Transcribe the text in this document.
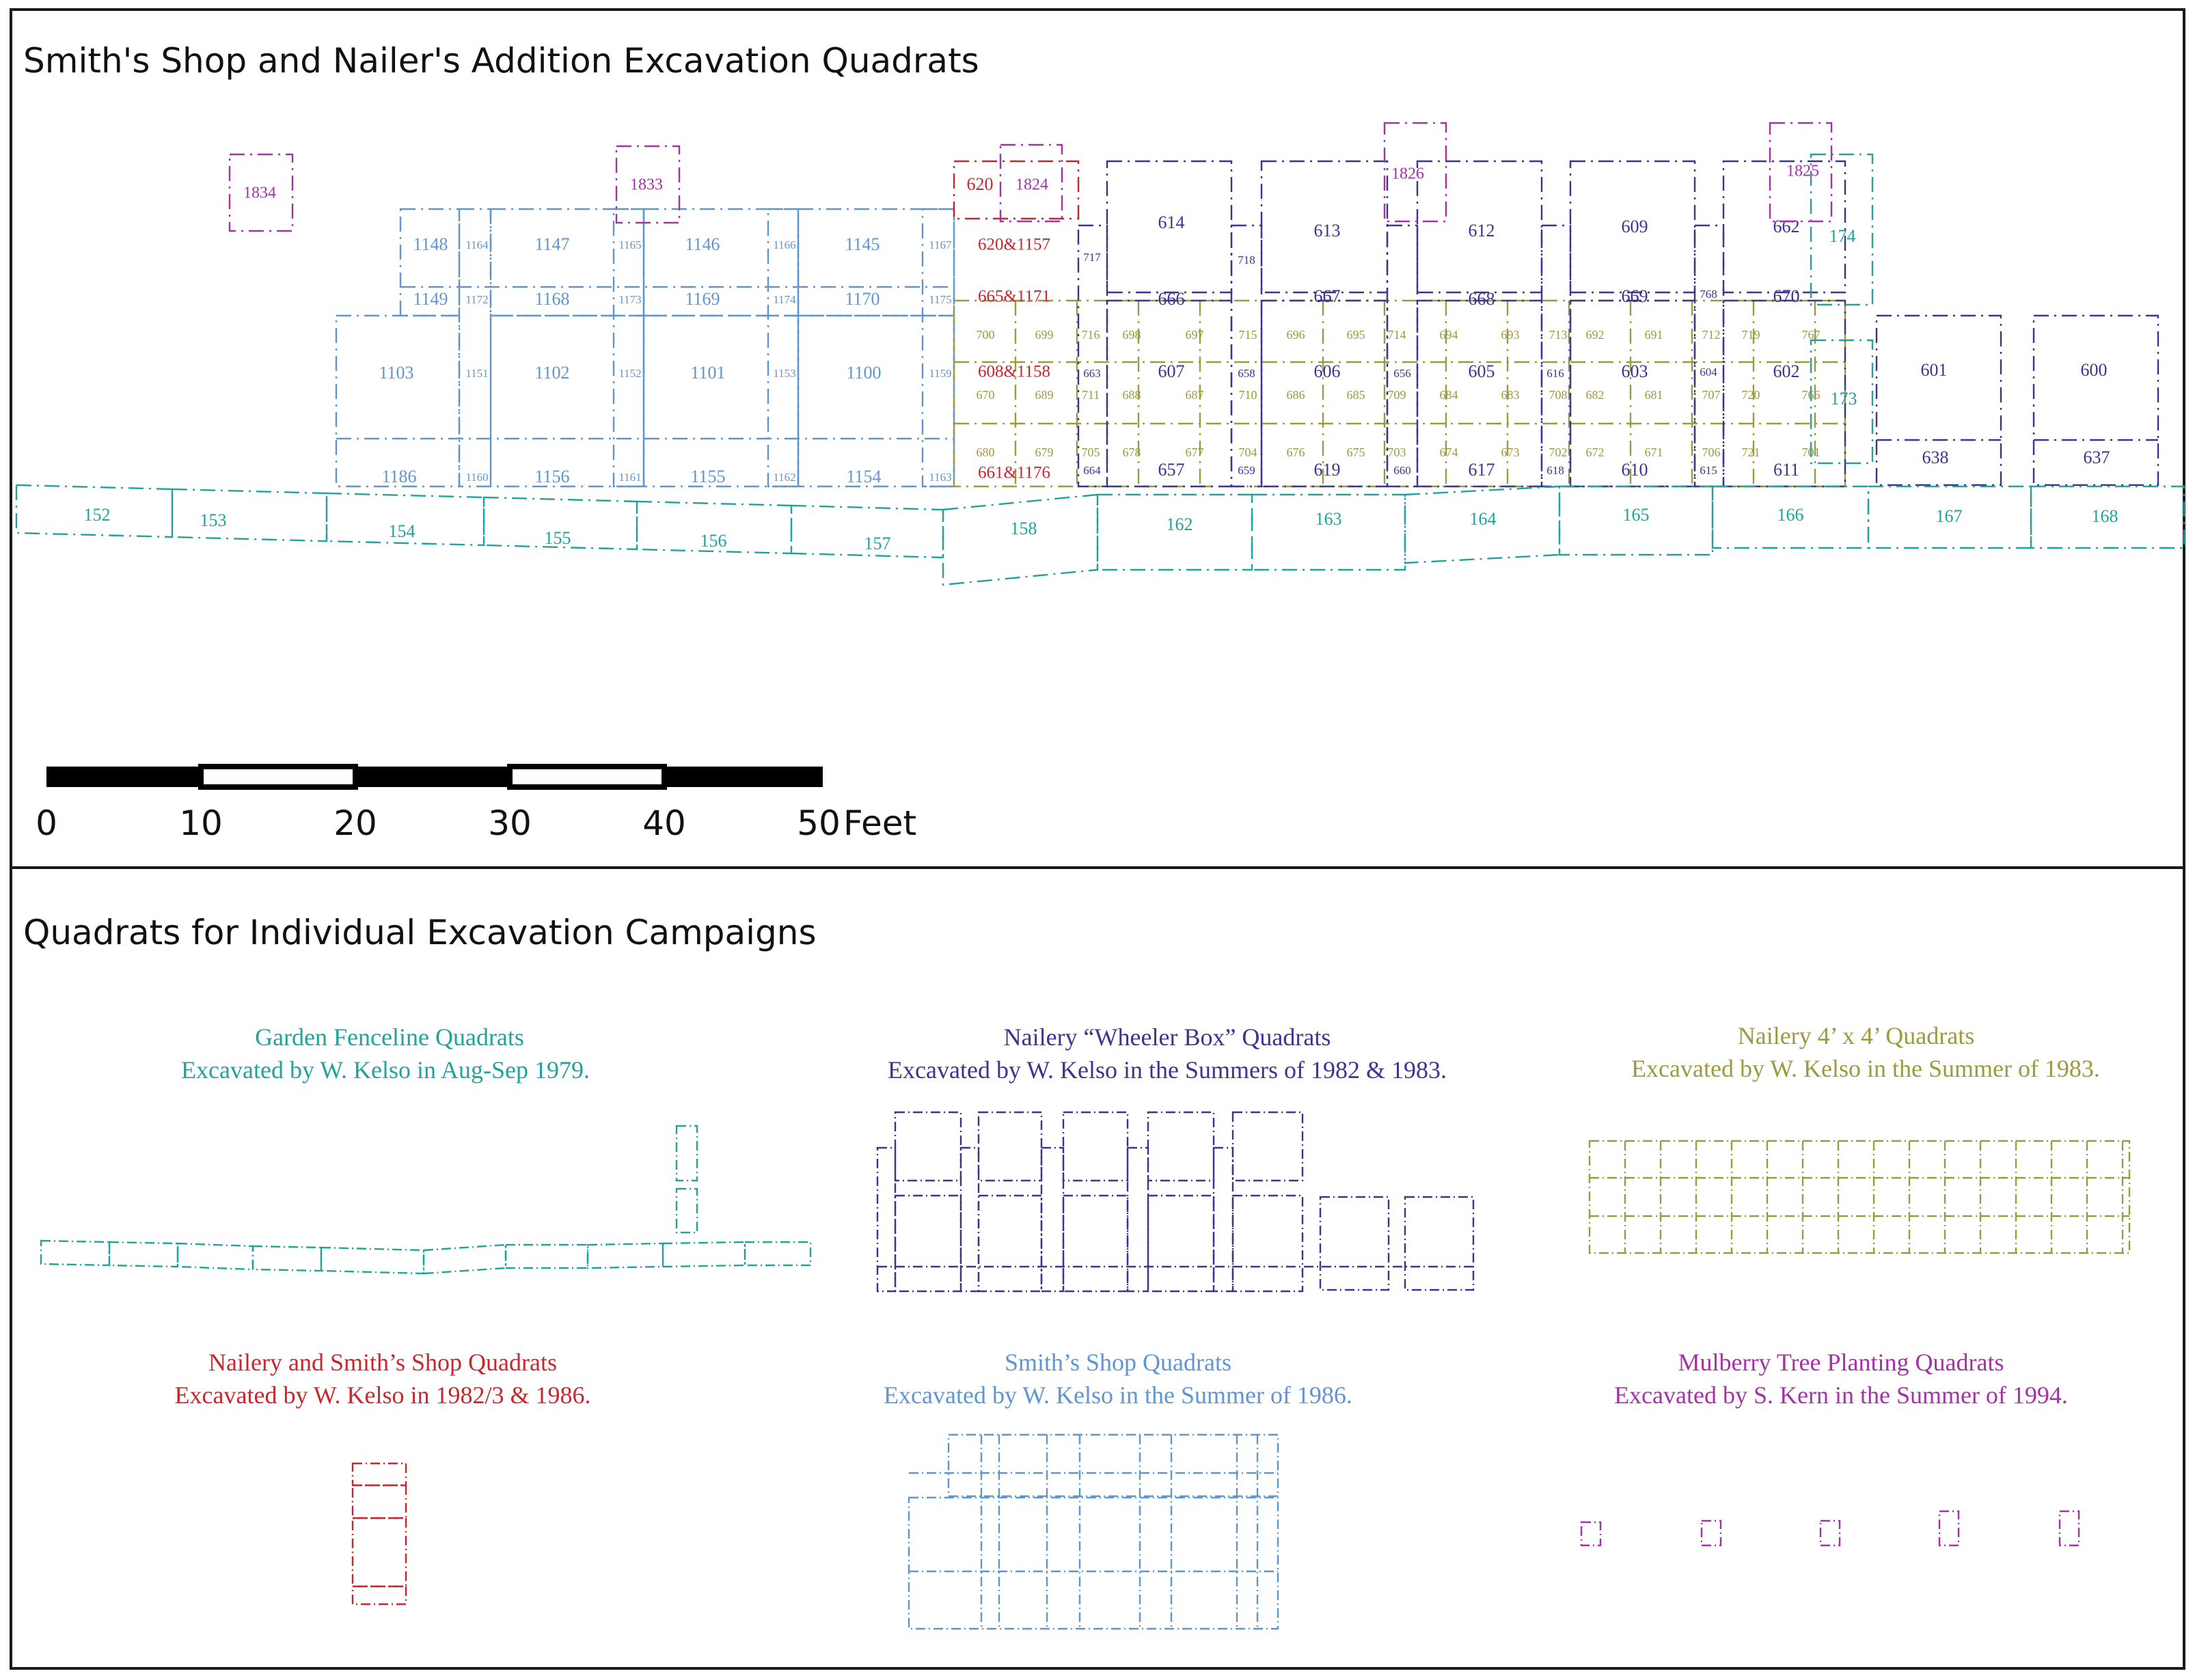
Smith's Shop and Nailer's Addition Excavation Quadrats
Quadrats for Individual Excavation Campaigns
1148 1164	1147	1165 1146	1166	1145	1167
1149 1172	1168	1173 1169	1174	1170	1175
1103	1151	1102	1152	1101	1153	1100	1159
1186	1160	1156	1161	1155	1162	1154	1163
700	699 716 698	697	715 696	695 714	694	693 713 692	691	712 719	767
670	689 711 688	687	710 686	685 709	684	683 708 682	681	707 720	766
680	679 705 678	677	704 676	675 703	674	673 702 672	671	706 721	701
614	613	612	609	662
717	718
666	667	668	669	670
768
607	606	605	603	602
663	658	656	616	604
657	619	617	610	611
664	659	660	618	615
601	600
638	637
620
620&1157
665&1171
608&1158
661&1176
1834	1833	1824
1826	1825
152	153
154	155	156	157
158	162	163	164	165	166	167	168
174
173
0	10	20	30	40	50 Feet
Garden Fenceline Quadrats
Excavated by W. Kelso in Aug-Sep 1979.
Nailery “Wheeler Box” Quadrats
Excavated by W. Kelso in the Summers of 1982 & 1983.
Nailery 4’ x 4’ Quadrats
Excavated by W. Kelso in the Summer of 1983.
Nailery and Smith’s Shop Quadrats
Excavated by W. Kelso in 1982/3 & 1986.
Smith’s Shop Quadrats
Excavated by W. Kelso in the Summer of 1986.
Mulberry Tree Planting Quadrats
Excavated by S. Kern in the Summer of 1994.
